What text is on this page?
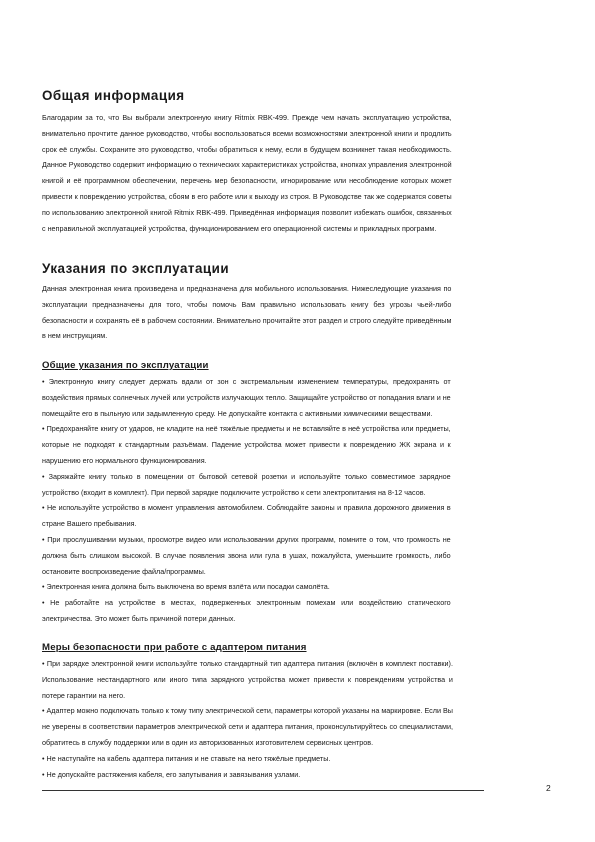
Общая информация

Благодарим за то, что Вы выбрали электронную книгу Ritmix RBK-499. Прежде чем начать эксплуатацию устройства,
внимательно прочтите данное руководство, чтобы воспользоваться всеми возможностями электронной книги и продлить
срок её службы. Сохраните это руководство, чтобы обратиться к нему, если в будущем возникнет такая необходимость.
Данное Руководство содержит информацию о технических характеристиках устройства, кнопках управления электронной
книгой и её программном обеспечении, перечень мер безопасности, игнорирование или несоблюдение которых может
привести к повреждению устройства, сбоям в его работе или к выходу из строя. В Руководстве так же содержатся советы
по использованию электронной книгой Ritmix RBK-499. Приведённая информация позволит избежать ошибок, связанных
с неправильной эксплуатацией устройства, функционированием его операционной системы и прикладных программ.

Указания по эксплуатации

Данная электронная книга произведена и предназначена для мобильного использования. Нижеследующие указания по
эксплуатации предназначены для того, чтобы помочь Вам правильно использовать книгу без угрозы чьей-либо
безопасности и сохранять её в рабочем состоянии. Внимательно прочитайте этот раздел и строго следуйте приведённым
в нем инструкциям.

Общие указания по эксплуатации

• Электронную книгу следует держать вдали от зон с экстремальным изменением температуры, предохранять от
воздействия прямых солнечных лучей или устройств излучающих тепло. Защищайте устройство от попадания влаги и не
помещайте его в пыльную или задымленную среду. Не допускайте контакта с активными химическими веществами.
• Предохраняйте книгу от ударов, не кладите на неё тяжёлые предметы и не вставляйте в неё устройства или предметы,
которые не подходят к стандартным разъёмам. Падение устройства может привести к повреждению ЖК экрана и к
нарушению его нормального функционирования.
• Заряжайте книгу только в помещении от бытовой сетевой розетки и используйте только совместимое зарядное
устройство (входит в комплект). При первой зарядке подключите устройство к сети электропитания на 8-12 часов.
• Не используйте устройство в момент управления автомобилем. Соблюдайте законы и правила дорожного движения в
стране Вашего пребывания.
• При прослушивании музыки, просмотре видео или использовании других программ, помните о том, что громкость не
должна быть слишком высокой. В случае появления звона или гула в ушах, пожалуйста, уменьшите громкость, либо
остановите воспроизведение файла/программы.
• Электронная книга должна быть выключена во время взлёта или посадки самолёта.
• Не работайте на устройстве в местах, подверженных электронным помехам или воздействию статического
электричества. Это может быть причиной потери данных.

Меры безопасности при работе с адаптером питания

• При зарядке электронной книги используйте только стандартный тип адаптера питания (включён в комплект поставки).
Использование нестандартного или иного типа зарядного устройства может привести к повреждениям устройства и
потере гарантии на него.
• Адаптер можно подключать только к тому типу электрической сети, параметры которой указаны на маркировке. Если Вы
не уверены в соответствии параметров электрической сети и адаптера питания, проконсультируйтесь со специалистами,
обратитесь в службу поддержки или в один из авторизованных изготовителем сервисных центров.
• Не наступайте на кабель адаптера питания и не ставьте на него тяжёлые предметы.
• Не допускайте растяжения кабеля, его запутывания и завязывания узлами.

2
